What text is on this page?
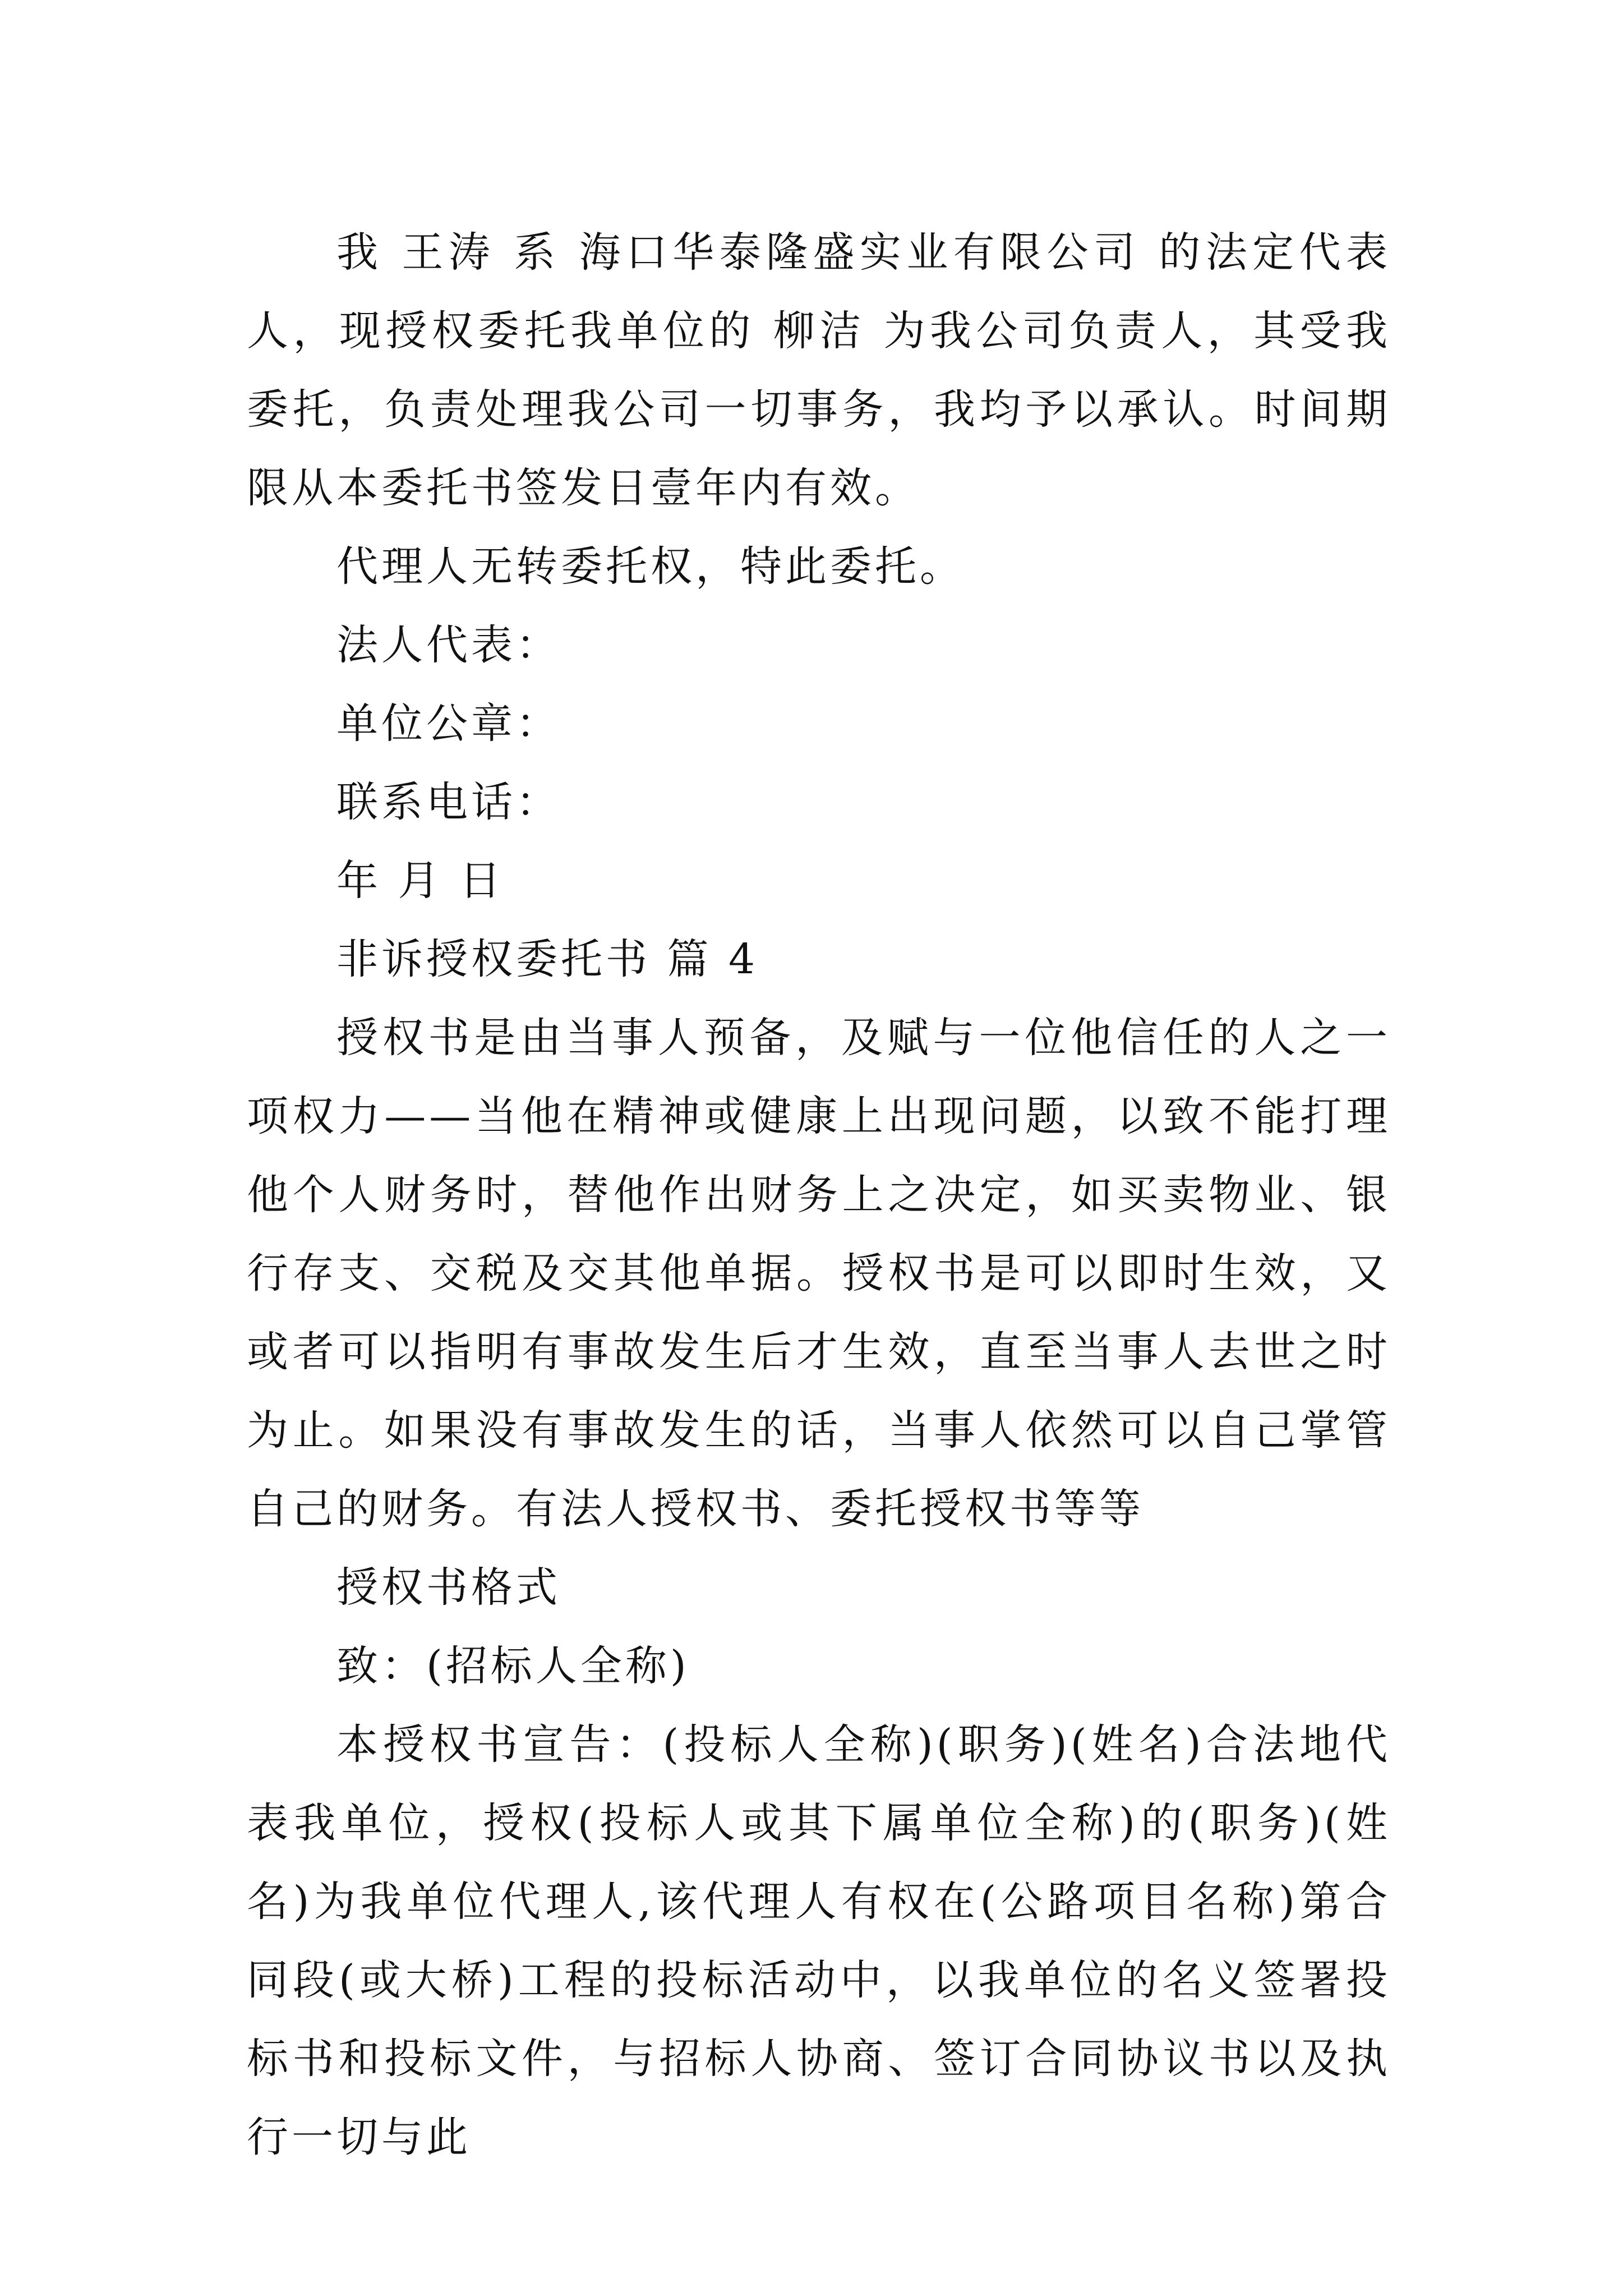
我 王涛 系 海口华泰隆盛实业有限公司 的法定代表人，现授权委托我单位的 柳洁 为我公司负责人，其受我委托，负责处理我公司一切事务，我均予以承认。时间期限从本委托书签发日壹年内有效。

代理人无转委托权，特此委托。

法人代表：

单位公章：

联系电话：

年 月 日

非诉授权委托书 篇 4

授权书是由当事人预备，及赋与一位他信任的人之一项权力——当他在精神或健康上出现问题，以致不能打理他个人财务时，替他作出财务上之决定，如买卖物业、银行存支、交税及交其他单据。授权书是可以即时生效，又或者可以指明有事故发生后才生效，直至当事人去世之时为止。如果没有事故发生的话，当事人依然可以自己掌管自己的财务。有法人授权书、委托授权书等等

授权书格式

致：(招标人全称)

本授权书宣告：(投标人全称)(职务)(姓名)合法地代表我单位，授权(投标人或其下属单位全称)的(职务)(姓名)为我单位代理人,该代理人有权在(公路项目名称)第合同段(或大桥)工程的投标活动中，以我单位的名义签署投标书和投标文件，与招标人协商、签订合同协议书以及执行一切与此
